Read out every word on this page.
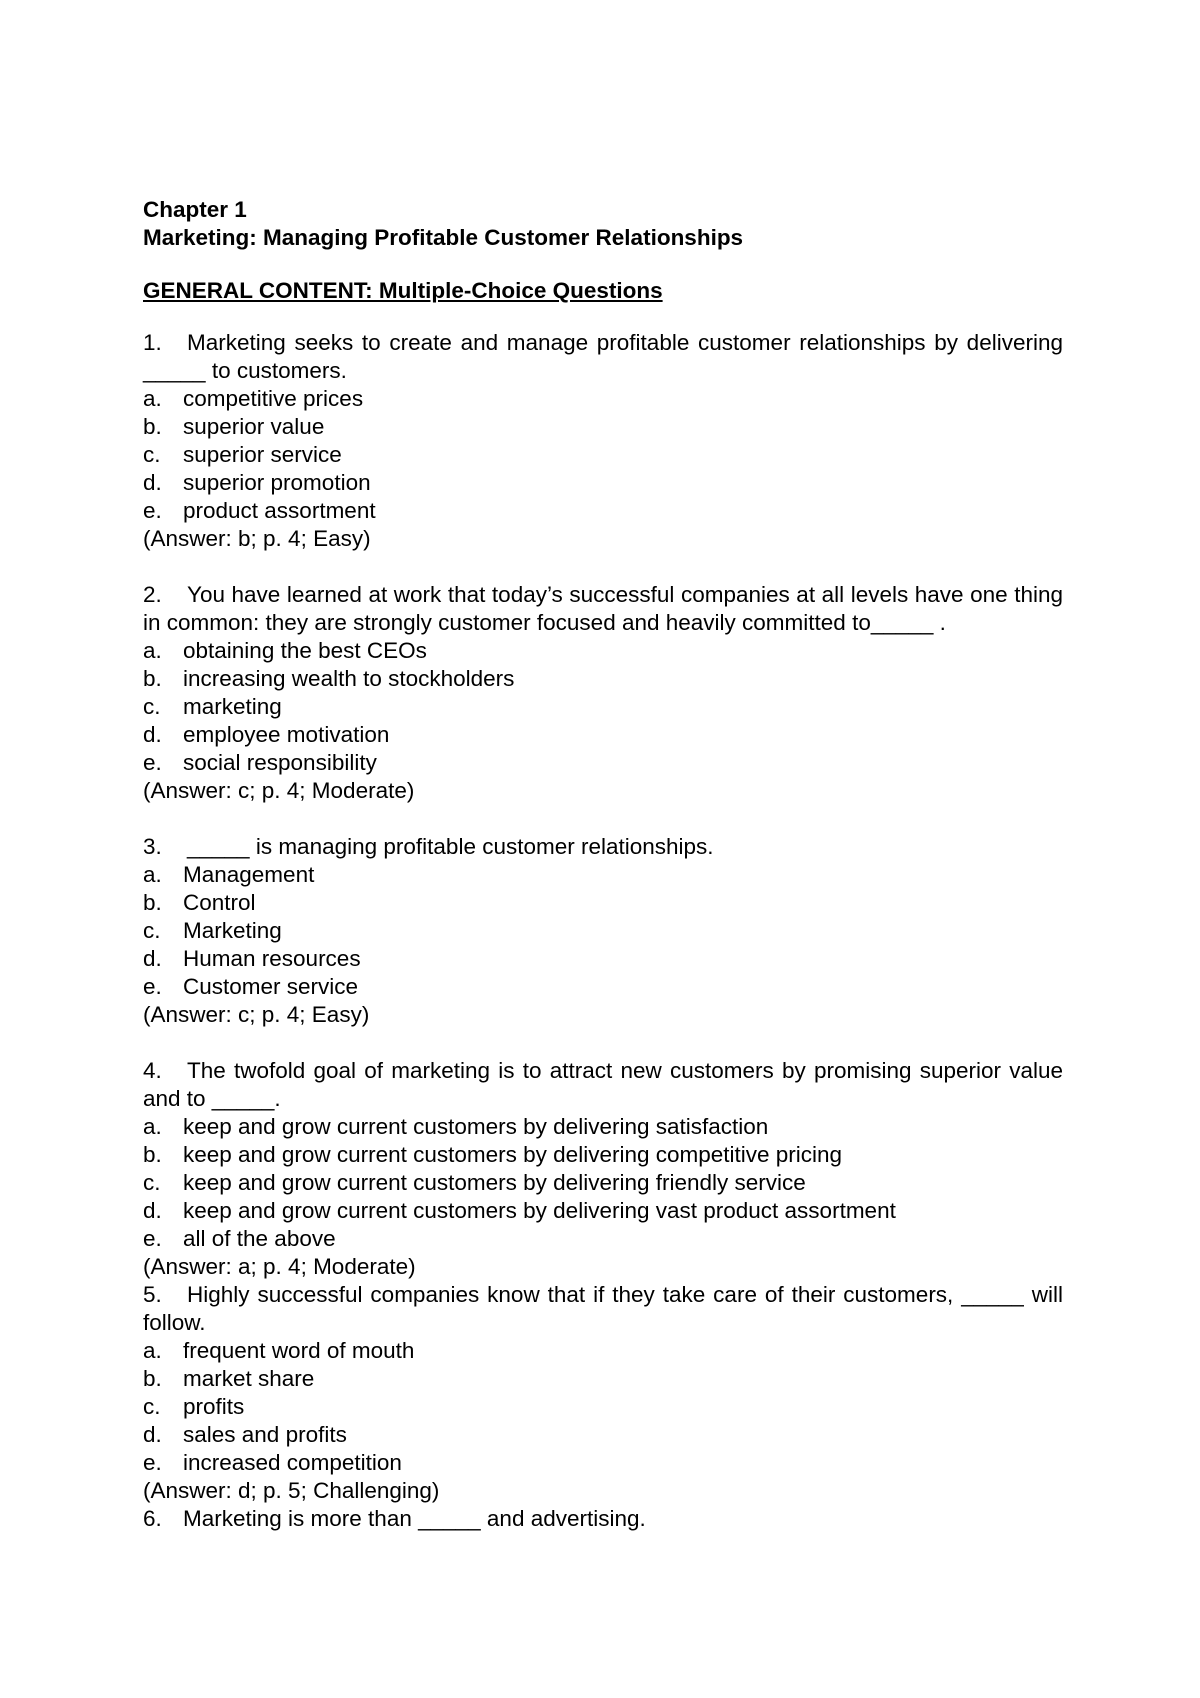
Chapter 1
Marketing: Managing Profitable Customer Relationships
GENERAL CONTENT: Multiple-Choice Questions
1. Marketing seeks to create and manage profitable customer relationships by delivering _____ to customers.
a. competitive prices
b. superior value
c. superior service
d. superior promotion
e. product assortment
(Answer: b; p. 4; Easy)
2. You have learned at work that today’s successful companies at all levels have one thing in common: they are strongly customer focused and heavily committed to_____ .
a. obtaining the best CEOs
b. increasing wealth to stockholders
c. marketing
d. employee motivation
e. social responsibility
(Answer: c; p. 4; Moderate)
3. _____ is managing profitable customer relationships.
a. Management
b. Control
c. Marketing
d. Human resources
e. Customer service
(Answer: c; p. 4; Easy)
4. The twofold goal of marketing is to attract new customers by promising superior value and to _____.
a. keep and grow current customers by delivering satisfaction
b. keep and grow current customers by delivering competitive pricing
c. keep and grow current customers by delivering friendly service
d. keep and grow current customers by delivering vast product assortment
e. all of the above
(Answer: a; p. 4; Moderate)
5. Highly successful companies know that if they take care of their customers, _____ will follow.
a. frequent word of mouth
b. market share
c. profits
d. sales and profits
e. increased competition
(Answer: d; p. 5; Challenging)
6. Marketing is more than _____ and advertising.
